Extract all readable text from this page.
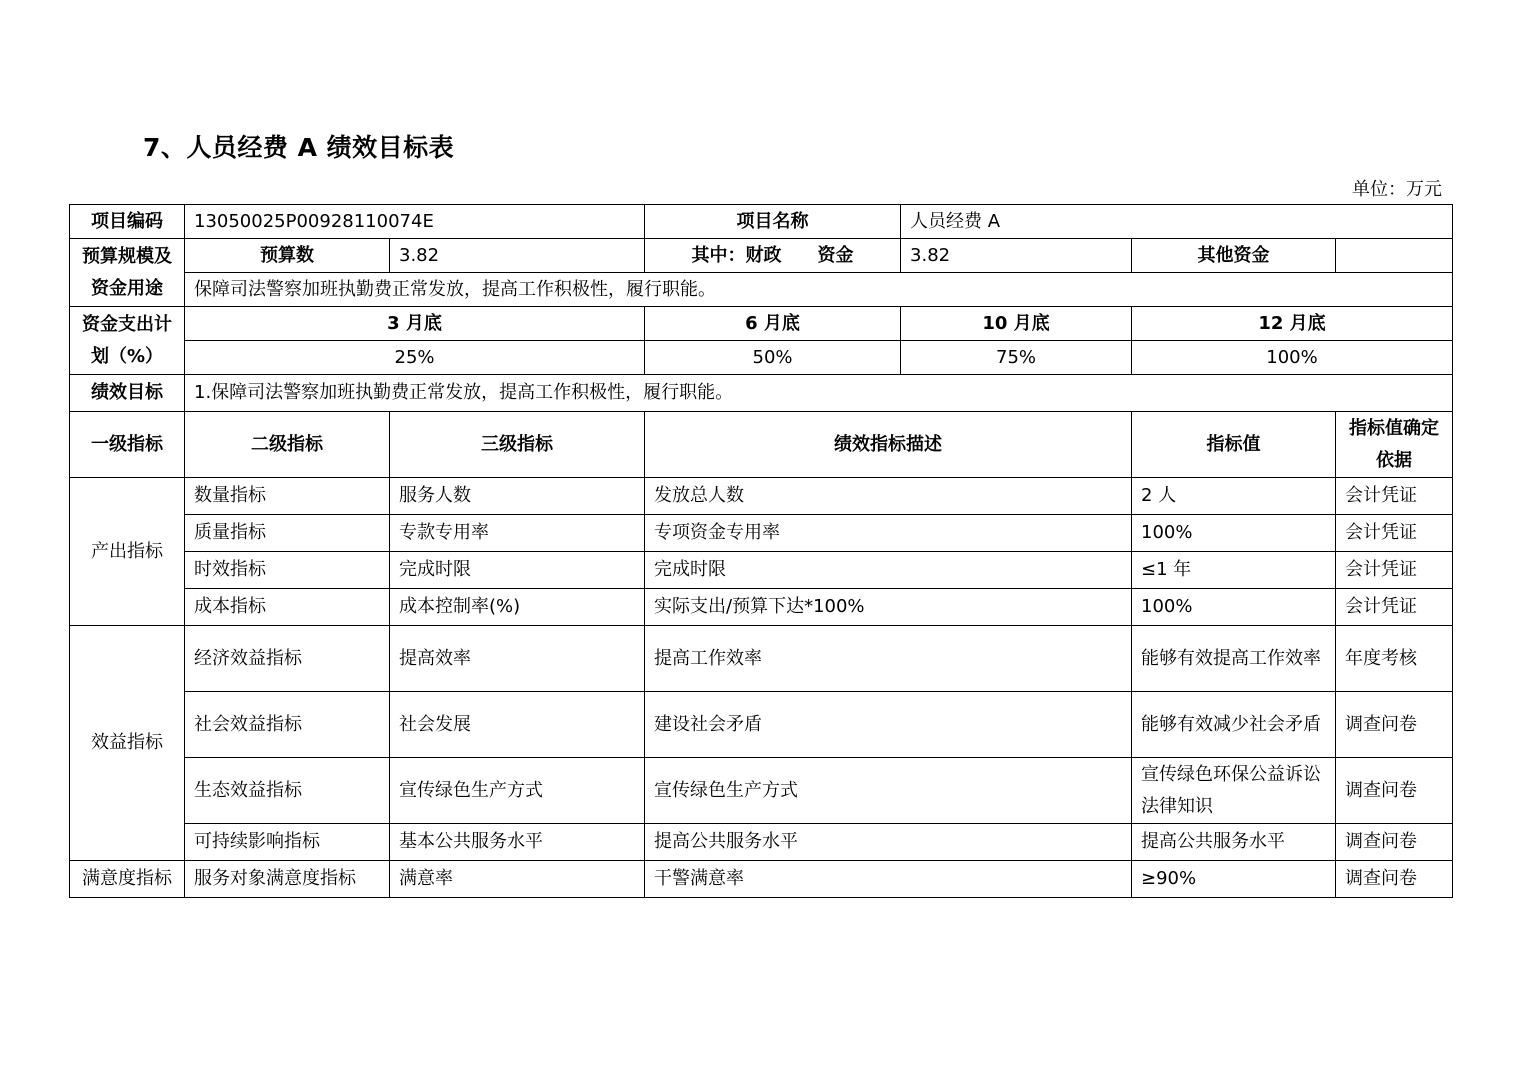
7、人员经费 A 绩效目标表
单位：万元
项目编码	13050025P00928110074E		项目名称	人员经费 A		
预算规模及资金用途	预算数	3.82	其中：财政　　资金	3.82	其他资金	
	保障司法警察加班执勤费正常发放，提高工作积极性，履行职能。					
资金支出计划（%）	3 月底		6 月底	10 月底	12 月底	
	25%		50%	75%	100%	
绩效目标	1.保障司法警察加班执勤费正常发放，提高工作积极性，履行职能。					
一级指标	二级指标	三级指标	绩效指标描述		指标值	指标值确定依据
产出指标	数量指标	服务人数	发放总人数		2 人	会计凭证
	质量指标	专款专用率	专项资金专用率		100%	会计凭证
	时效指标	完成时限	完成时限		≤1 年	会计凭证
	成本指标	成本控制率(%)	实际支出/预算下达*100%		100%	会计凭证
效益指标	经济效益指标	提高效率	提高工作效率		能够有效提高工作效率	年度考核
	社会效益指标	社会发展	建设社会矛盾		能够有效减少社会矛盾	调查问卷
	生态效益指标	宣传绿色生产方式	宣传绿色生产方式		宣传绿色环保公益诉讼法律知识	调查问卷
	可持续影响指标	基本公共服务水平	提高公共服务水平		提高公共服务水平	调查问卷
满意度指标	服务对象满意度指标	满意率	干警满意率		≥90%	调查问卷
